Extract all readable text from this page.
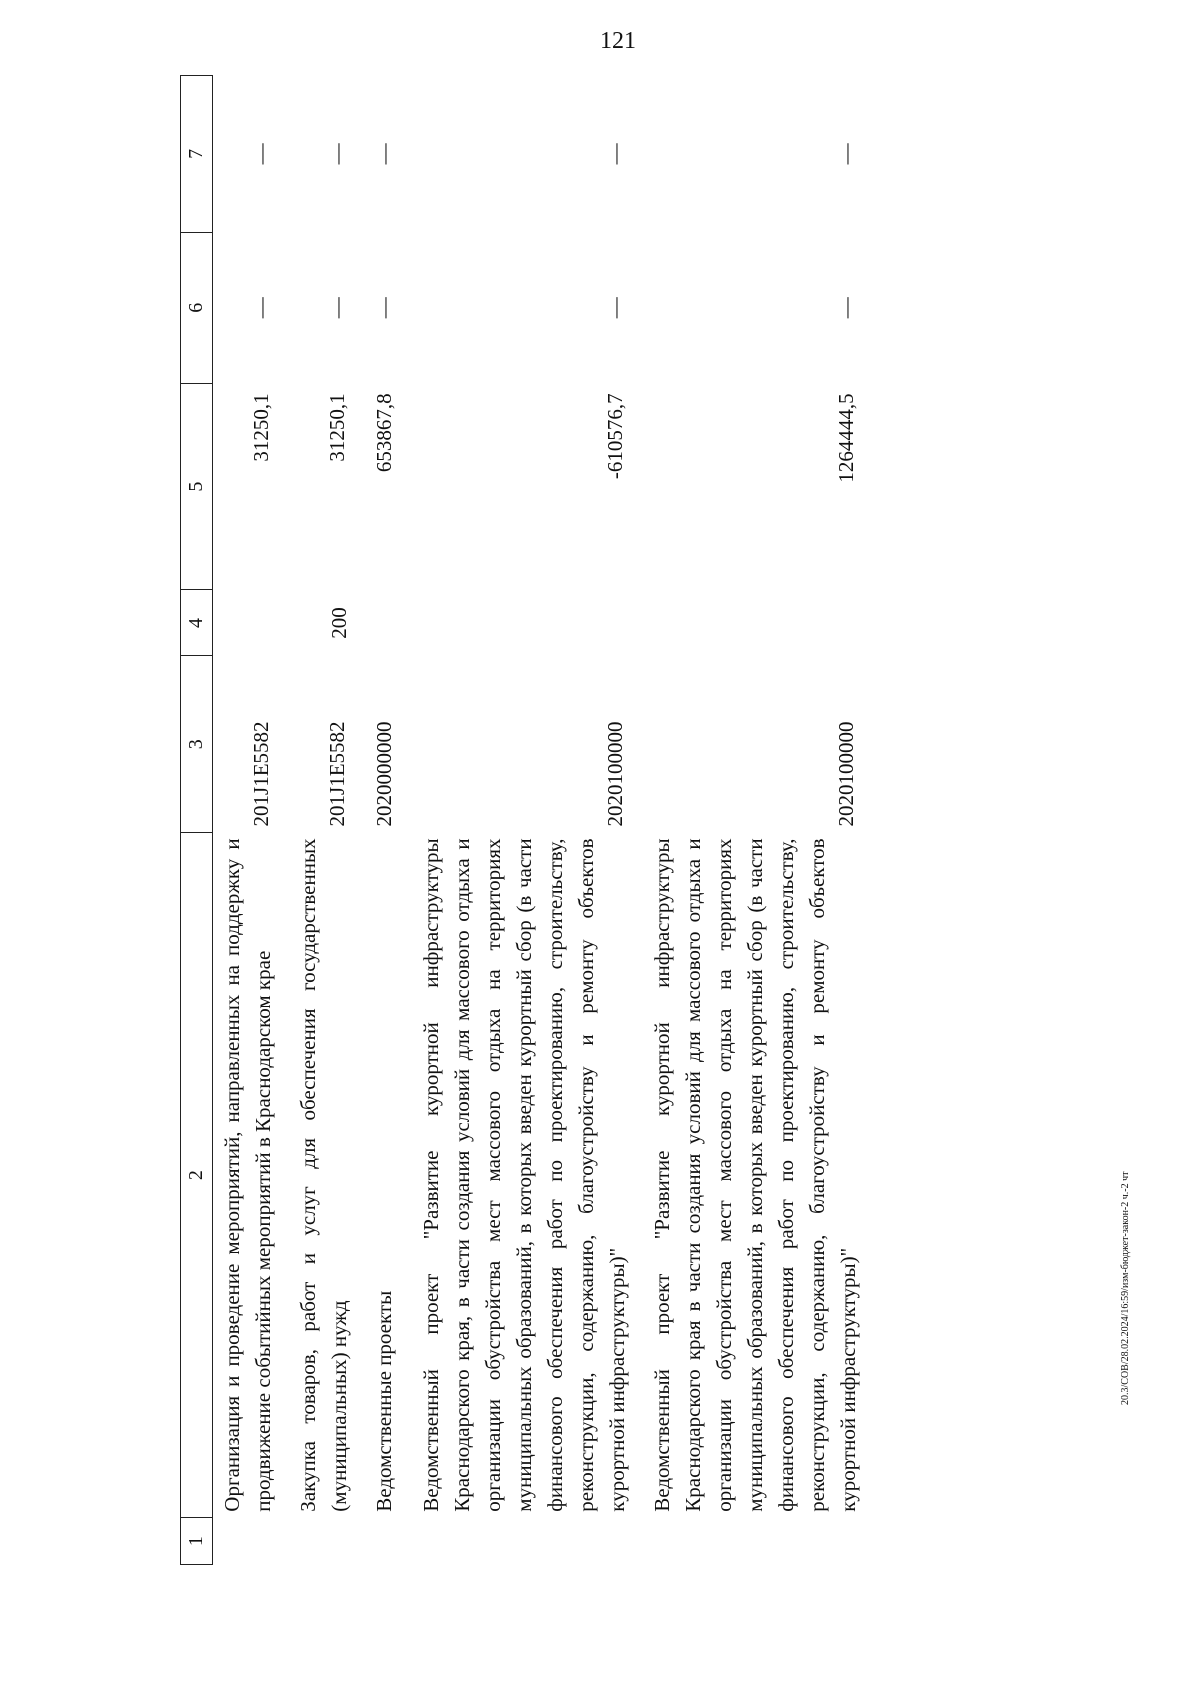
121
20.3/СОВ/28.02.2024/16:59/изм-бюджет-закон-2 ч.-2 чт
1	2	3	4	5	6	7
	Организация и проведение мероприятий, направленных на поддержку и продвижение событийных мероприятий в Краснодарском крае	201J1E5582		31250,1	—	—
	Закупка товаров, работ и услуг для обеспечения государственных (муниципальных) нужд	201J1E5582	200	31250,1	—	—
	Ведомственные проекты	2020000000		653867,8	—	—
	Ведомственный проект "Развитие курортной инфраструктуры Краснодарского края, в части создания условий для массового отдыха и организации обустройства мест массового отдыха на территориях муниципальных образований, в которых введен курортный сбор (в части финансового обеспечения работ по проектированию, строительству, реконструкции, содержанию, благоустройству и ремонту объектов курортной инфраструктуры)"	2020100000		-610576,7	—	—
	Ведомственный проект "Развитие курортной инфраструктуры Краснодарского края в части создания условий для массового отдыха и организации обустройства мест массового отдыха на территориях муниципальных образований, в которых введен курортный сбор (в части финансового обеспечения работ по проектированию, строительству, реконструкции, содержанию, благоустройству и ремонту объектов курортной инфраструктуры)"	2020100000		1264444,5	—	—
